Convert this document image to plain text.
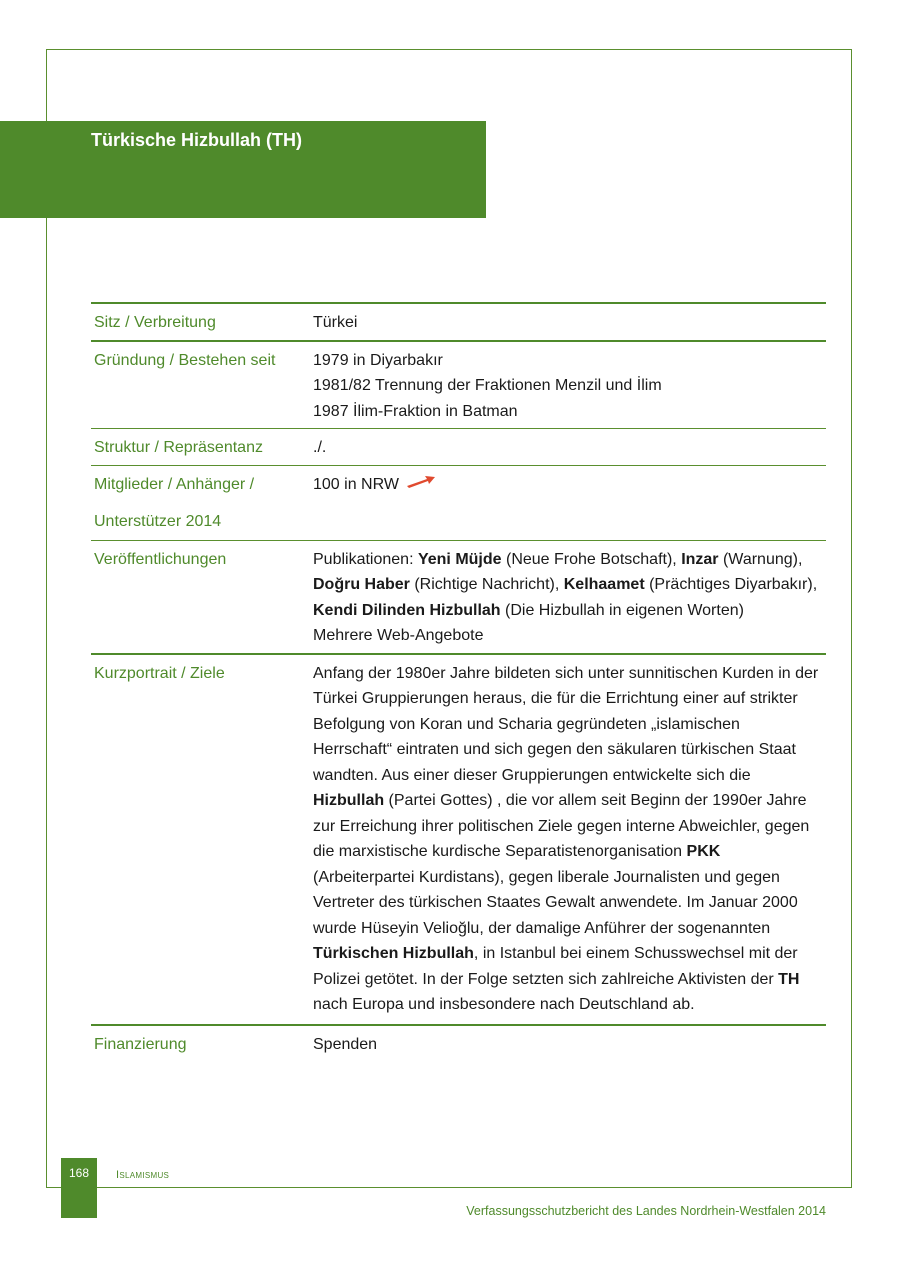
Türkische Hizbullah (TH)
Sitz / Verbreitung	Türkei
Gründung / Bestehen seit	1979 in Diyarbakır
1981/82 Trennung der Fraktionen Menzil und İlim
1987 İlim-Fraktion in Batman

Struktur / Repräsentanz	./.

Mitglieder / Anhänger /
Unterstützer 2014	100 in NRW
Veröffentlichungen	Publikationen: Yeni Müjde (Neue Frohe Botschaft), Inzar (Warnung), Doğru Haber (Richtige Nachricht), Kelhaamet (Prächtiges Diyarbakır), Kendi Dilinden Hizbullah (Die Hizbullah in eigenen Worten)
Mehrere Web-Angebote

Kurzportrait / Ziele	Anfang der 1980er Jahre bildeten sich unter sunnitischen Kurden in der Türkei Gruppierungen heraus, die für die Errichtung einer auf strikter Befolgung von Koran und Scharia gegründeten „islamischen Herrschaft“ eintraten und sich gegen den säkularen türkischen Staat wandten. Aus einer dieser Gruppierungen entwickelte sich die Hizbullah (Partei Gottes) , die vor allem seit Beginn der 1990er Jahre zur Erreichung ihrer politischen Ziele gegen interne Abweichler, gegen die marxistische kurdische Separatistenorganisation PKK (Arbeiterpartei Kurdistans), gegen liberale Journalisten und gegen Vertreter des türkischen Staates Gewalt anwendete. Im Januar 2000 wurde Hüseyin Velioğlu, der damalige Anführer der sogenannten Türkischen Hizbullah, in Istanbul bei einem Schusswechsel mit der Polizei getötet. In der Folge setzten sich zahlreiche Aktivisten der TH nach Europa und insbesondere nach Deutschland ab.

Finanzierung	Spenden
168	Islamismus
Verfassungsschutzbericht des Landes Nordrhein-Westfalen 2014
